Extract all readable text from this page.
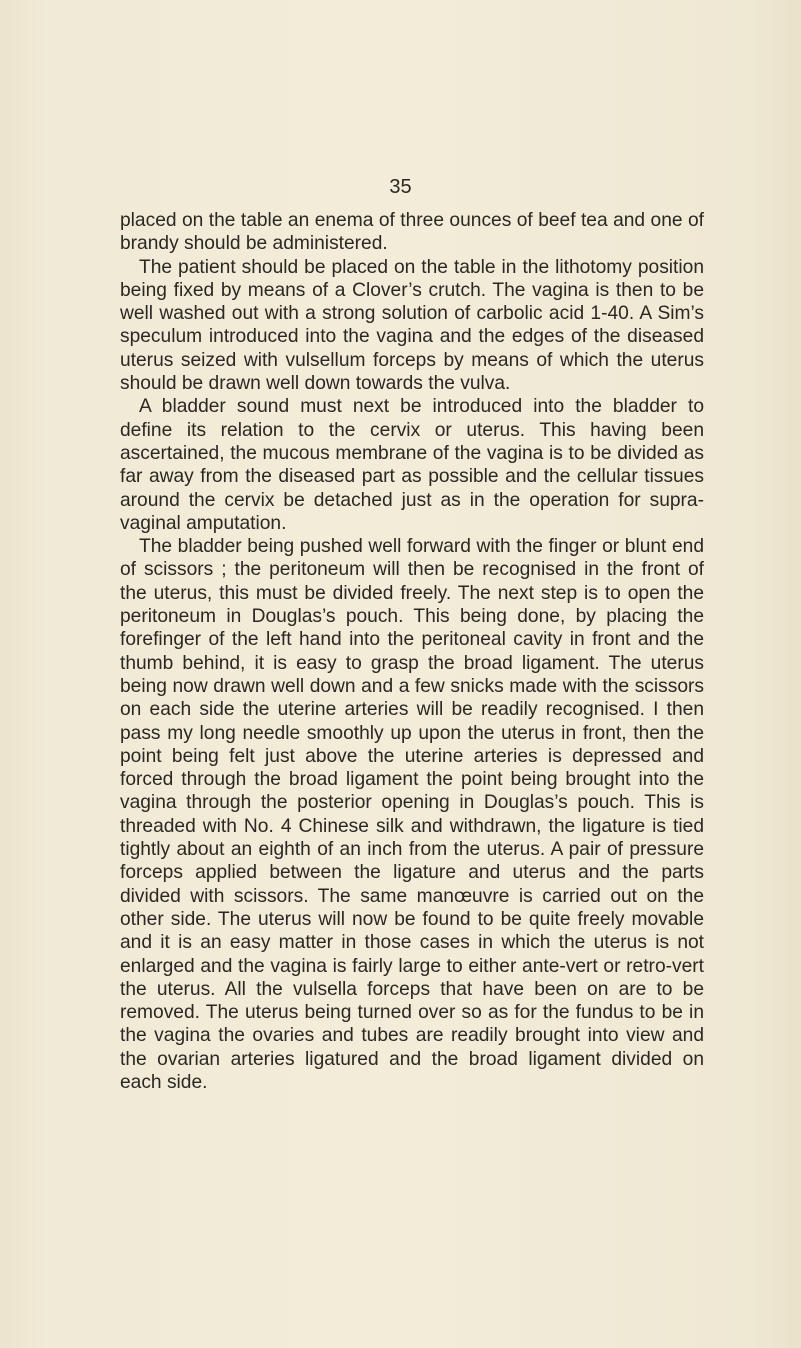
35

placed on the table an enema of three ounces of beef tea and one of brandy should be administered.

The patient should be placed on the table in the lithotomy position being fixed by means of a Clover’s crutch. The vagina is then to be well washed out with a strong solution of carbolic acid 1-40. A Sim’s speculum introduced into the vagina and the edges of the diseased uterus seized with vulsellum forceps by means of which the uterus should be drawn well down towards the vulva.

A bladder sound must next be introduced into the bladder to define its relation to the cervix or uterus. This having been ascertained, the mucous membrane of the vagina is to be divided as far away from the diseased part as possible and the cellular tissues around the cervix be detached just as in the operation for supra-vaginal amputation.

The bladder being pushed well forward with the finger or blunt end of scissors ; the peritoneum will then be recognised in the front of the uterus, this must be divided freely. The next step is to open the peritoneum in Douglas’s pouch. This being done, by placing the forefinger of the left hand into the peritoneal cavity in front and the thumb behind, it is easy to grasp the broad ligament. The uterus being now drawn well down and a few snicks made with the scissors on each side the uterine arteries will be readily recognised. I then pass my long needle smoothly up upon the uterus in front, then the point being felt just above the uterine arteries is depressed and forced through the broad ligament the point being brought into the vagina through the posterior opening in Douglas’s pouch. This is threaded with No. 4 Chinese silk and withdrawn, the ligature is tied tightly about an eighth of an inch from the uterus. A pair of pressure forceps applied between the ligature and uterus and the parts divided with scissors. The same manœuvre is carried out on the other side. The uterus will now be found to be quite freely movable and it is an easy matter in those cases in which the uterus is not enlarged and the vagina is fairly large to either ante-vert or retro-vert the uterus. All the vulsella forceps that have been on are to be removed. The uterus being turned over so as for the fundus to be in the vagina the ovaries and tubes are readily brought into view and the ovarian arteries ligatured and the broad ligament divided on each side.
